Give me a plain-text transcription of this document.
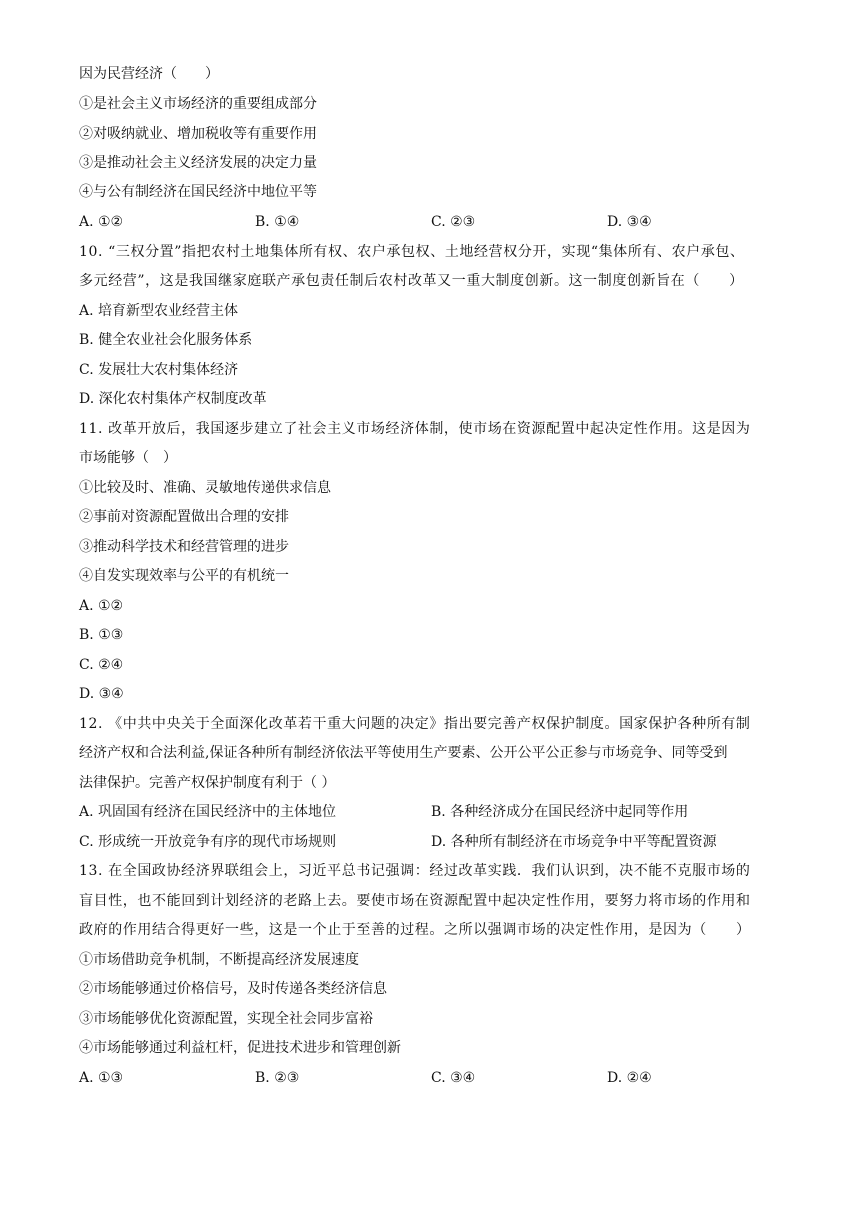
因为民营经济（　　）
①是社会主义市场经济的重要组成部分
②对吸纳就业、增加税收等有重要作用
③是推动社会主义经济发展的决定力量
④与公有制经济在国民经济中地位平等
A. ①②	B. ①④	C. ②③	D. ③④
10. “三权分置”指把农村土地集体所有权、农户承包权、土地经营权分开，实现“集体所有、农户承包、
多元经营”，这是我国继家庭联产承包责任制后农村改革又一重大制度创新。这一制度创新旨在（　　）
A. 培育新型农业经营主体
B. 健全农业社会化服务体系
C. 发展壮大农村集体经济
D. 深化农村集体产权制度改革
11. 改革开放后，我国逐步建立了社会主义市场经济体制，使市场在资源配置中起决定性作用。这是因为
市场能够（　）
①比较及时、准确、灵敏地传递供求信息
②事前对资源配置做出合理的安排
③推动科学技术和经营管理的进步
④自发实现效率与公平的有机统一
A. ①②
B. ①③
C. ②④
D. ③④
12. 《中共中央关于全面深化改革若干重大问题的决定》指出要完善产权保护制度。国家保护各种所有制
经济产权和合法利益,保证各种所有制经济依法平等使用生产要素、公开公平公正参与市场竞争、同等受到
法律保护。完善产权保护制度有利于（ ）
A. 巩固国有经济在国民经济中的主体地位	B. 各种经济成分在国民经济中起同等作用
C. 形成统一开放竞争有序的现代市场规则	D. 各种所有制经济在市场竞争中平等配置资源
13. 在全国政协经济界联组会上，习近平总书记强调：经过改革实践．我们认识到，决不能不克服市场的
盲目性，也不能回到计划经济的老路上去。要使市场在资源配置中起决定性作用，要努力将市场的作用和
政府的作用结合得更好一些，这是一个止于至善的过程。之所以强调市场的决定性作用，是因为（　　）
①市场借助竞争机制，不断提高经济发展速度
②市场能够通过价格信号，及时传递各类经济信息
③市场能够优化资源配置，实现全社会同步富裕
④市场能够通过利益杠杆，促进技术进步和管理创新
A. ①③	B. ②③	C. ③④	D. ②④
